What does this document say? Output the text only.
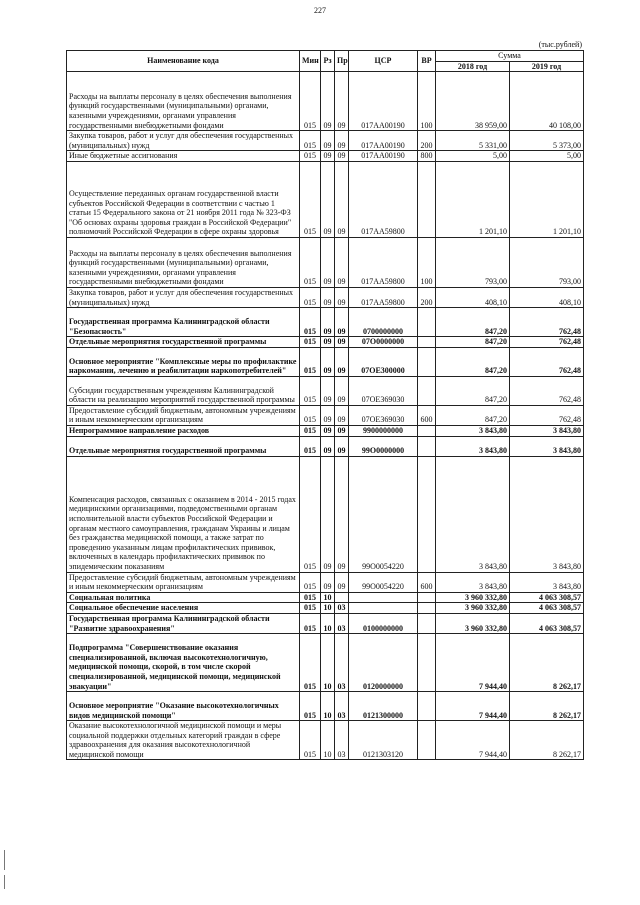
227
(тыс.рублей)
Наименование кода	Мин	Рз	Пр	ЦСР	ВР	Сумма	
						2018 год	2019 год
Расходы на выплаты персоналу в целях обеспечения выполнения функций государственными (муниципальными) органами, казенными учреждениями, органами управления государственными внебюджетными фондами	015	09	09	017АА00190	100	38 959,00	40 108,00
Закупка товаров, работ и услуг для обеспечения государственных (муниципальных) нужд	015	09	09	017АА00190	200	5 331,00	5 373,00
Иные бюджетные ассигнования	015	09	09	017АА00190	800	5,00	5,00
Осуществление переданных органам государственной власти субъектов Российской Федерации в соответствии с частью 1 статьи 15 Федерального закона от 21 ноября 2011 года № 323-ФЗ "Об основах охраны здоровья граждан в Российской Федерации" полномочий Российской Федерации в сфере охраны здоровья	015	09	09	017АА59800		1 201,10	1 201,10
Расходы на выплаты персоналу в целях обеспечения выполнения функций государственными (муниципальными) органами, казенными учреждениями, органами управления государственными внебюджетными фондами	015	09	09	017АА59800	100	793,00	793,00
Закупка товаров, работ и услуг для обеспечения государственных (муниципальных) нужд	015	09	09	017АА59800	200	408,10	408,10
Государственная программа Калининградской области "Безопасность"	015	09	09	0700000000		847,20	762,48
Отдельные мероприятия государственной программы	015	09	09	07О0000000		847,20	762,48
Основное мероприятие "Комплексные меры по профилактике наркомании, лечению и реабилитации наркопотребителей"	015	09	09	07ОЕ300000		847,20	762,48
Субсидии государственным учреждениям Калининградской области на реализацию мероприятий государственной программы	015	09	09	07ОЕ369030		847,20	762,48
Предоставление субсидий бюджетным, автономным учреждениям и иным некоммерческим организациям	015	09	09	07ОЕ369030	600	847,20	762,48
Непрограммное направление расходов	015	09	09	9900000000		3 843,80	3 843,80
Отдельные мероприятия государственной программы	015	09	09	99О0000000		3 843,80	3 843,80
Компенсация расходов, связанных с оказанием в 2014 - 2015 годах медицинскими организациями, подведомственными органам исполнительной власти субъектов Российской Федерации и органам местного самоуправления, гражданам Украины и лицам без гражданства медицинской помощи, а также затрат по проведению указанным лицам профилактических прививок, включенных в календарь профилактических прививок по эпидемическим показаниям	015	09	09	99О0054220		3 843,80	3 843,80
Предоставление субсидий бюджетным, автономным учреждениям и иным некоммерческим организациям	015	09	09	99О0054220	600	3 843,80	3 843,80
Социальная политика	015	10				3 960 332,80	4 063 308,57
Социальное обеспечение населения	015	10	03			3 960 332,80	4 063 308,57
Государственная программа Калининградской области "Развитие здравоохранения"	015	10	03	0100000000		3 960 332,80	4 063 308,57
Подпрограмма "Совершенствование оказания специализированной, включая высокотехнологичную, медицинской помощи, скорой, в том числе скорой специализированной, медицинской помощи, медицинской эвакуации"	015	10	03	0120000000		7 944,40	8 262,17
Основное мероприятие "Оказание высокотехнологичных видов медицинской помощи"	015	10	03	0121300000		7 944,40	8 262,17
Оказание высокотехнологичной медицинской помощи и меры социальной поддержки отдельных категорий граждан в сфере здравоохранения для оказания высокотехнологичной медицинской помощи	015	10	03	0121303120		7 944,40	8 262,17
